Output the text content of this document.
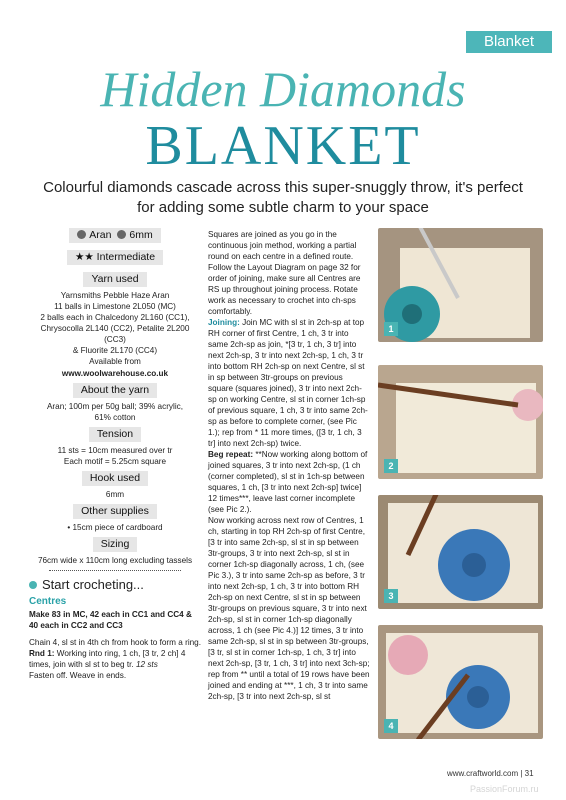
Blanket
Hidden Diamonds
BLANKET
Colourful diamonds cascade across this super-snuggly throw, it's perfect for adding some subtle charm to your space
Aran 6mm
★★ Intermediate
Yarn used
Yarnsmiths Pebble Haze Aran
11 balls in Limestone 2L050 (MC)
2 balls each in Chalcedony 2L160 (CC1),
Chrysocolla 2L140 (CC2), Petalite 2L200 (CC3)
& Fluorite 2L170 (CC4)
Available from
www.woolwarehouse.co.uk
About the yarn
Aran; 100m per 50g ball; 39% acrylic,
61% cotton
Tension
11 sts = 10cm measured over tr
Each motif = 5.25cm square
Hook used
6mm
Other supplies
• 15cm piece of cardboard
Sizing
76cm wide x 110cm long excluding tassels
Start crocheting...
Centres
Make 83 in MC, 42 each in CC1 and CC4 & 40 each in CC2 and CC3
Chain 4, sl st in 4th ch from hook to form a ring.
Rnd 1: Working into ring, 1 ch, [3 tr, 2 ch] 4 times, join with sl st to beg tr. 12 sts
Fasten off. Weave in ends.

Squares are joined as you go in the continuous join method, working a partial round on each centre in a defined route. Follow the Layout Diagram on page 32 for order of joining, make sure all Centres are RS up throughout joining process. Rotate work as necessary to crochet into ch-sps comfortably.

Joining: Join MC with sl st in 2ch-sp at top RH corner of first Centre, 1 ch, 3 tr into same 2ch-sp as join, *[3 tr, 1 ch, 3 tr] into next 2ch-sp, 3 tr into next 2ch-sp, 1 ch, 3 tr into bottom RH 2ch-sp on next Centre, sl st in sp between 3tr-groups on previous square (squares joined), 3 tr into next 2ch-sp on working Centre, sl st in corner 1ch-sp of previous square, 1 ch, 3 tr into same 2ch-sp as before to complete corner, (see Pic 1.); rep from * 11 more times, ([3 tr, 1 ch, 3 tr] into next 2ch-sp) twice.

Beg repeat: **Now working along bottom of joined squares, 3 tr into next 2ch-sp, (1 ch (corner completed), sl st in 1ch-sp between squares, 1 ch, [3 tr into next 2ch-sp] twice] 12 times***, leave last corner incomplete (see Pic 2.).

Now working across next row of Centres, 1 ch, starting in top RH 2ch-sp of first Centre, [3 tr into same 2ch-sp, sl st in sp between 3tr-groups, 3 tr into next 2ch-sp, sl st in corner 1ch-sp diagonally across, 1 ch, (see Pic 3.), 3 tr into same 2ch-sp as before, 3 tr into next 2ch-sp, 1 ch, 3 tr into bottom RH 2ch-sp on next Centre, sl st in sp between 3tr-groups on previous square, 3 tr into next 2ch-sp, sl st in corner 1ch-sp diagonally across, 1 ch (see Pic 4.)] 12 times, 3 tr into same 2ch-sp, sl st in sp between 3tr-groups, [3 tr, sl st in corner 1ch-sp, 1 ch, 3 tr] into next 2ch-sp, [3 tr, 1 ch, 3 tr] into next 3ch-sp; rep from ** until a total of 19 rows have been joined and ending at ***, 1 ch, 3 tr into same 2ch-sp, [3 tr into next 2ch-sp, sl st

1
2
3
4
www.craftworld.com | 31
PassionForum.ru
